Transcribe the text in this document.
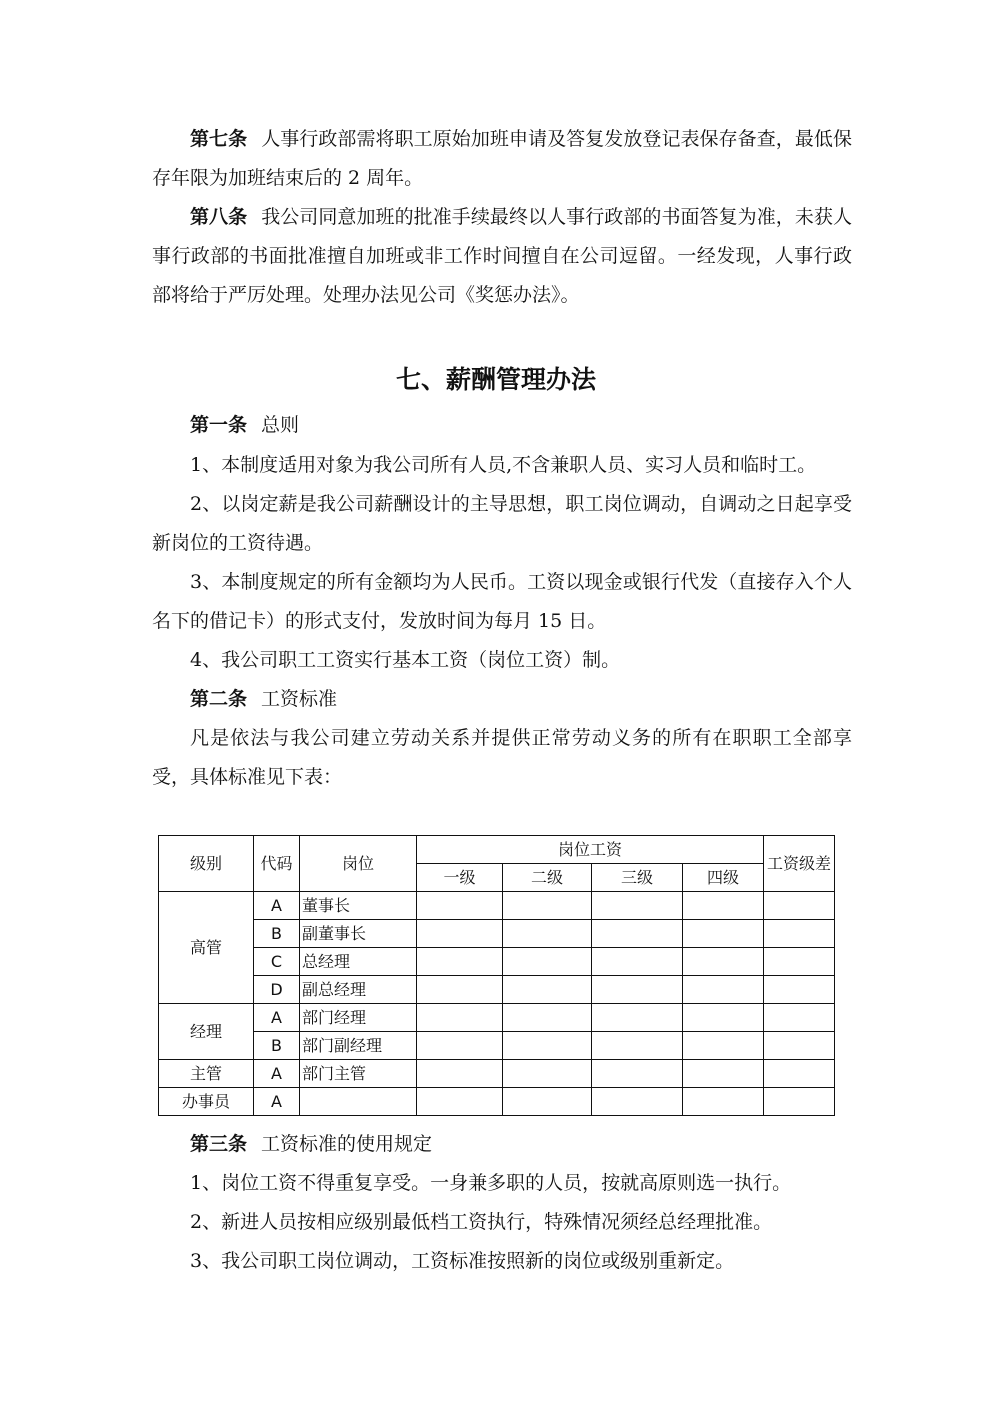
第七条 人事行政部需将职工原始加班申请及答复发放登记表保存备查，最低保存年限为加班结束后的 2 周年。

第八条 我公司同意加班的批准手续最终以人事行政部的书面答复为准，未获人事行政部的书面批准擅自加班或非工作时间擅自在公司逗留。一经发现，人事行政部将给于严厉处理。处理办法见公司《奖惩办法》。

七、薪酬管理办法
第一条 总则

1、本制度适用对象为我公司所有人员,不含兼职人员、实习人员和临时工。

2、以岗定薪是我公司薪酬设计的主导思想，职工岗位调动，自调动之日起享受新岗位的工资待遇。

3、本制度规定的所有金额均为人民币。工资以现金或银行代发（直接存入个人名下的借记卡）的形式支付，发放时间为每月 15 日。

4、我公司职工工资实行基本工资（岗位工资）制。

第二条 工资标准

凡是依法与我公司建立劳动关系并提供正常劳动义务的所有在职职工全部享受，具体标准见下表：

级别	代码	岗位	岗位工资				工资级差
			一级	二级	三级	四级	
高管	A	董事长					
	B	副董事长					
	C	总经理					
	D	副总经理					
经理	A	部门经理					
	B	部门副经理					
主管	A	部门主管					
办事员	A						
第三条 工资标准的使用规定

1、岗位工资不得重复享受。一身兼多职的人员，按就高原则选一执行。

2、新进人员按相应级别最低档工资执行，特殊情况须经总经理批准。

3、我公司职工岗位调动，工资标准按照新的岗位或级别重新定。
